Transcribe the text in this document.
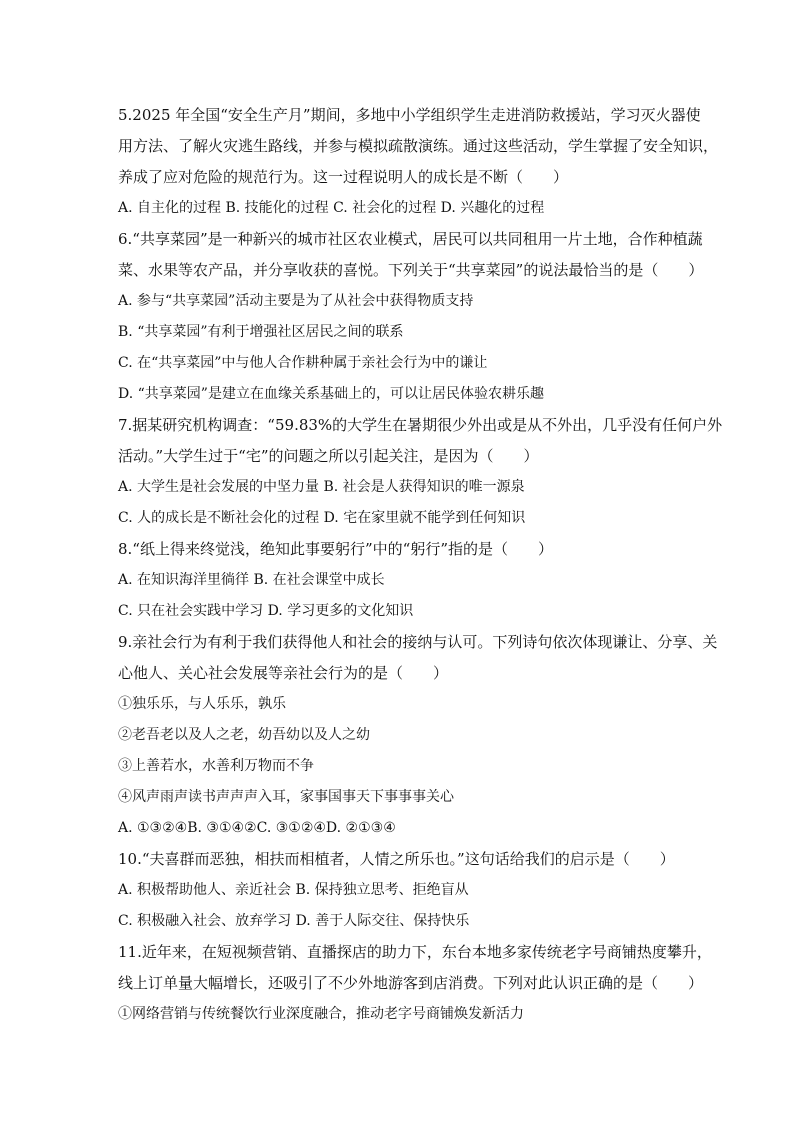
5.2025 年全国“安全生产月”期间，多地中小学组织学生走进消防救援站，学习灭火器使
用方法、了解火灾逃生路线，并参与模拟疏散演练。通过这些活动，学生掌握了安全知识，
养成了应对危险的规范行为。这一过程说明人的成长是不断（　　）
A. 自主化的过程 B. 技能化的过程 C. 社会化的过程 D. 兴趣化的过程
6.“共享菜园”是一种新兴的城市社区农业模式，居民可以共同租用一片土地，合作种植蔬
菜、水果等农产品，并分享收获的喜悦。下列关于“共享菜园”的说法最恰当的是（　　）
A. 参与“共享菜园”活动主要是为了从社会中获得物质支持
B. “共享菜园”有利于增强社区居民之间的联系
C. 在“共享菜园”中与他人合作耕种属于亲社会行为中的谦让
D. “共享菜园”是建立在血缘关系基础上的，可以让居民体验农耕乐趣
7.据某研究机构调查：“59.83%的大学生在暑期很少外出或是从不外出，几乎没有任何户外
活动。”大学生过于“宅”的问题之所以引起关注，是因为（　　）
A. 大学生是社会发展的中坚力量 B. 社会是人获得知识的唯一源泉
C. 人的成长是不断社会化的过程 D. 宅在家里就不能学到任何知识
8.“纸上得来终觉浅，绝知此事要躬行”中的“躬行”指的是（　　）
A. 在知识海洋里徜徉 B. 在社会课堂中成长
C. 只在社会实践中学习 D. 学习更多的文化知识
9.亲社会行为有利于我们获得他人和社会的接纳与认可。下列诗句依次体现谦让、分享、关
心他人、关心社会发展等亲社会行为的是（　　）
①独乐乐，与人乐乐，孰乐
②老吾老以及人之老，幼吾幼以及人之幼
③上善若水，水善利万物而不争
④风声雨声读书声声声入耳，家事国事天下事事事关心
A. ①③②④B. ③①④②C. ③①②④D. ②①③④
10.“夫喜群而恶独，相扶而相植者，人情之所乐也。”这句话给我们的启示是（　　）
A. 积极帮助他人、亲近社会 B. 保持独立思考、拒绝盲从
C. 积极融入社会、放弃学习 D. 善于人际交往、保持快乐
11.近年来，在短视频营销、直播探店的助力下，东台本地多家传统老字号商铺热度攀升，
线上订单量大幅增长，还吸引了不少外地游客到店消费。下列对此认识正确的是（　　）
①网络营销与传统餐饮行业深度融合，推动老字号商铺焕发新活力
